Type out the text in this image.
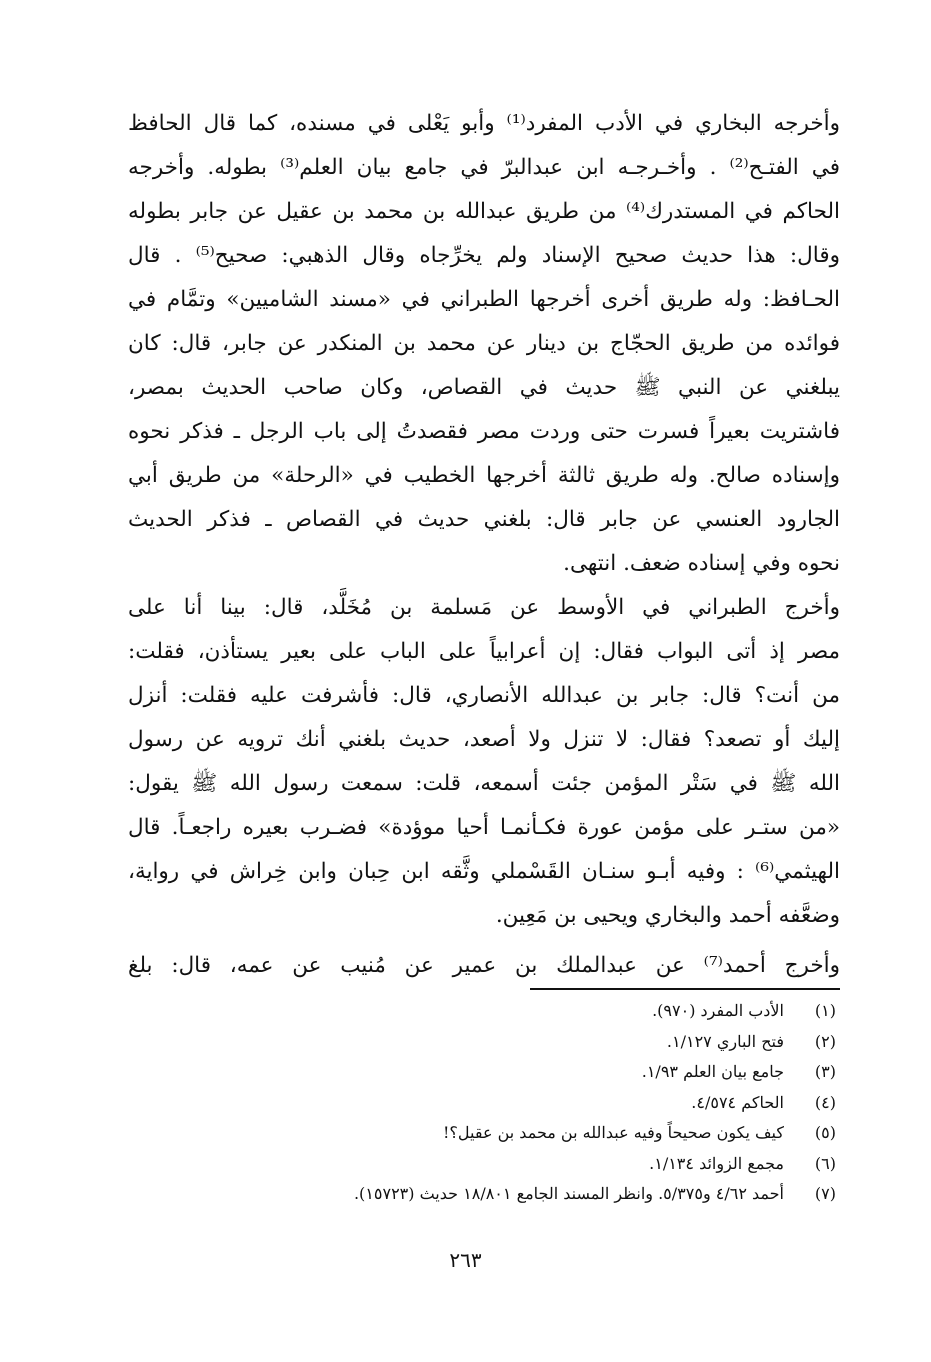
وأخرجه البخاري في الأدب المفرد⁽¹⁾ وأبو يَعْلى في مسنده، كما قال الحافظ
في الفتـح⁽²⁾ . وأخـرجـه ابن عبدالبرّ في جامع بيان العلم⁽³⁾ بطوله. وأخرجه
الحاكم في المستدرك⁽⁴⁾ من طريق عبدالله بن محمد بن عقيل عن جابر بطوله
وقال: هذا حديث صحيح الإسناد ولم يخرِّجاه وقال الذهبي: صحيح⁽⁵⁾ . قال
الحـافظ: وله طريق أخرى أخرجها الطبراني في «مسند الشاميين» وتمَّام في
فوائده من طريق الحجّاج بن دينار عن محمد بن المنكدر عن جابر، قال: كان
يبلغني عن النبي ﷺ حديث في القصاص، وكان صاحب الحديث بمصر،
فاشتريت بعيراً فسرت حتى وردت مصر فقصدتُ إلى باب الرجل ـ فذكر نحوه
وإسناده صالح. وله طريق ثالثة أخرجها الخطيب في «الرحلة» من طريق أبي
الجارود العنسي عن جابر قال: بلغني حديث في القصاص ـ فذكر الحديث
نحوه وفي إسناده ضعف. انتهى.
وأخرج الطبراني في الأوسط عن مَسلمة بن مُخَلَّد، قال: بينا أنا على
مصر إذ أتى البواب فقال: إن أعرابياً على الباب على بعير يستأذن، فقلت:
من أنت؟ قال: جابر بن عبدالله الأنصاري، قال: فأشرفت عليه فقلت: أنزل
إليك أو تصعد؟ فقال: لا تنزل ولا أصعد، حديث بلغني أنك ترويه عن رسول
الله ﷺ في سَتْر المؤمن جئت أسمعه، قلت: سمعت رسول الله ﷺ يقول:
«من ستـر على مؤمن عورة فكـأنمـا أحيا موؤدة» فضـرب بعيره راجعـاً. قال
الهيثمي⁽⁶⁾ : وفيه أبـو سنـان القَسْملي وثَّقه ابن حِبان وابن خِراش في رواية،
وضعَّفه أحمد والبخاري ويحيى بن مَعِين.
وأخرج أحمد⁽⁷⁾ عن عبدالملك بن عمير عن مُنيب عن عمه، قال: بلغ
(١)
الأدب المفرد (٩٧٠).
(٢)
فتح الباري ١/١٢٧.
(٣)
جامع بيان العلم ١/٩٣.
(٤)
الحاكم ٤/٥٧٤.
(٥)
كيف يكون صحيحاً وفيه عبدالله بن محمد بن عقيل؟!
(٦)
مجمع الزوائد ١/١٣٤.
(٧)
أحمد ٤/٦٢ و٥/٣٧٥. وانظر المسند الجامع ١٨/٨٠١ حديث (١٥٧٢٣).
٢٦٣
